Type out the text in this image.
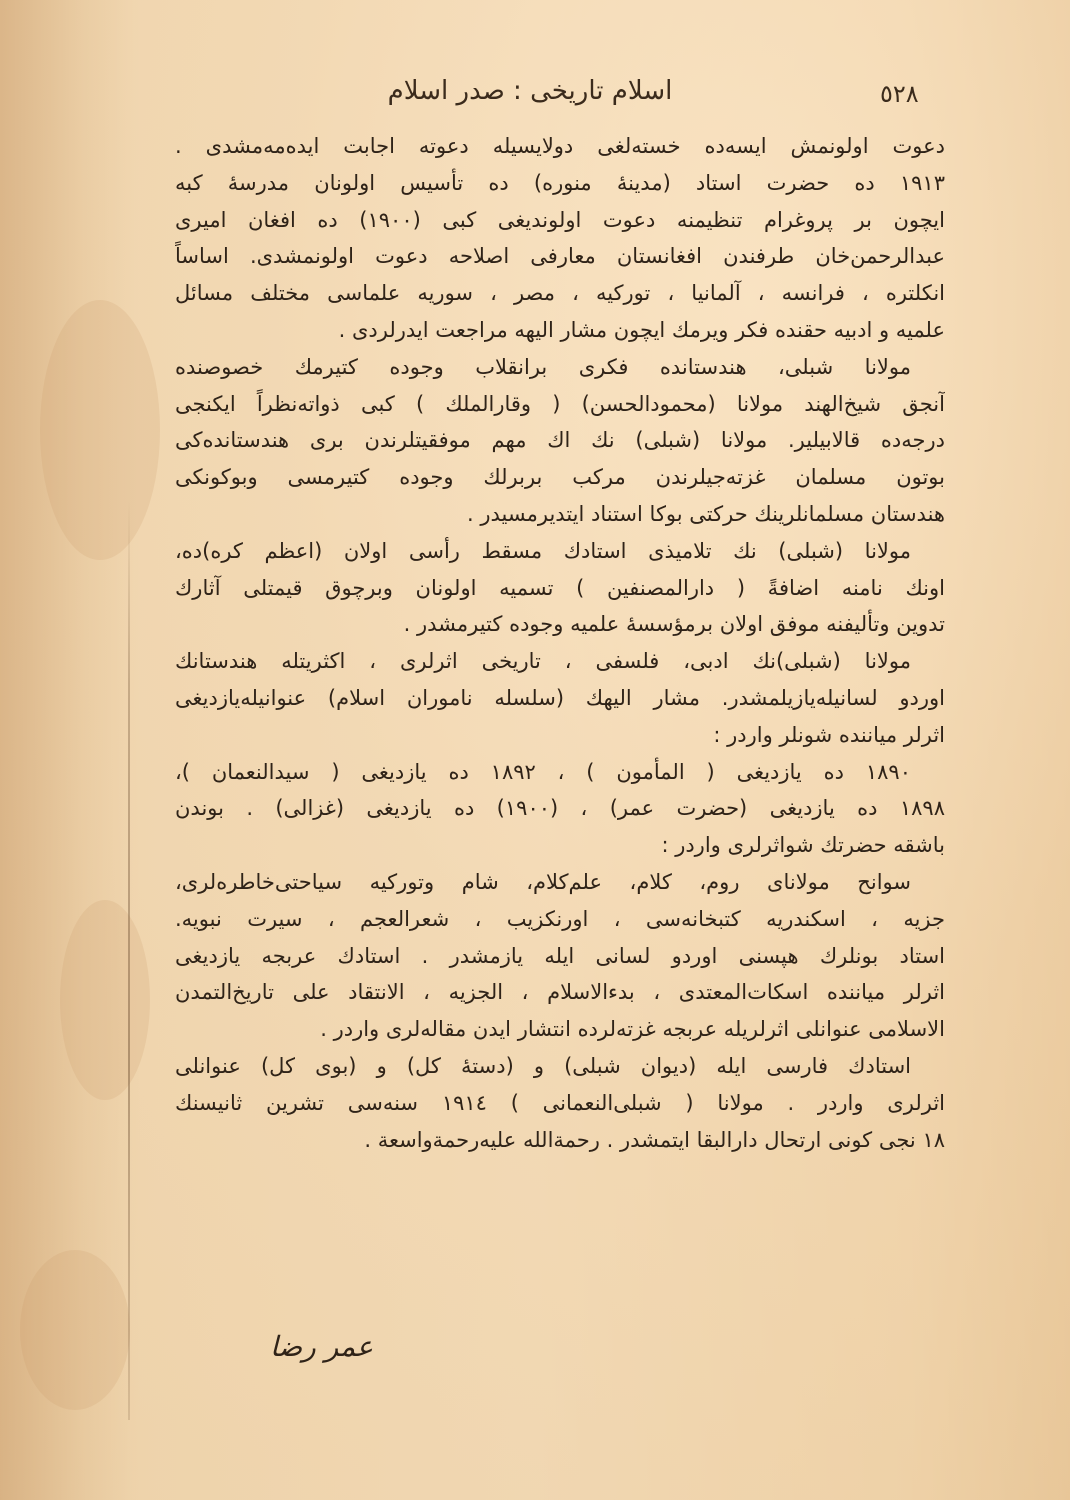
٥٢٨
اسلام تاریخی : صدر اسلام
دعوت اولونمش ایسه‌ده خسته‌لغی دولایسیله دعوته اجابت ایده‌مه‌مشدی .
١٩١٣ ده حضرت استاد (مدینهٔ منوره) ده تأسیس اولونان مدرسهٔ کبه
ایچون بر پروغرام تنظیمنه دعوت اولوندیغی کبی (١٩٠٠) ده افغان امیری
عبدالرحمن‌خان طرفندن افغانستان معارفی اصلاحه دعوت اولونمشدی. اساساً
انکلتره ، فرانسه ، آلمانیا ، تورکیه ، مصر ، سوریه علماسی مختلف مسائل
علمیه و ادبیه حقنده فکر ویرمك ایچون مشار الیهه مراجعت ایدرلردی .
مولانا شبلی، هندستانده فکری برانقلاب وجوده کتیرمك خصوصنده
آنجق شیخ‌الهند مولانا (محمودالحسن) ( وقارالملك ) کبی ذواته‌نظراً ایکنجی
درجه‌ده قالابیلیر. مولانا (شبلی) نك اك مهم موفقیتلرندن بری هندستانده‌کی
بوتون مسلمان غزته‌جیلرندن مرکب بربرلك وجوده کتیرمسی وبوکونکی
هندستان مسلمانلرینك حرکتی بوکا استناد ایتدیرمسیدر .
مولانا (شبلی) نك تلامیذی استادك مسقط رأسی اولان (اعظم کره)ده،
اونك نامنه اضافةً ( دارالمصنفین ) تسمیه اولونان وبرچوق قیمتلی آثارك
تدوین وتألیفنه موفق اولان برمؤسسهٔ علمیه وجوده کتیرمشدر .
مولانا (شبلی)نك ادبی، فلسفی ، تاریخی اثرلری ، اکثریتله هندستانك
اوردو لسانیله‌یازیلمشدر. مشار الیهك (سلسله ناموران اسلام) عنوانیله‌یازدیغی
اثرلر میاننده شونلر واردر :
١٨٩٠ ده یازدیغی ( المأمون ) ، ١٨٩٢ ده یازدیغی ( سیدالنعمان )،
١٨٩٨ ده یازدیغی (حضرت عمر) ، (١٩٠٠) ده یازدیغی (غزالی) . بوندن
باشقه حضرتك شواثرلری واردر :
سوانح مولانای روم، کلام، علم‌کلام، شام وتورکیه سیاحتی‌خاطره‌لری،
جزیه ، اسکندریه کتبخانه‌سی ، اورنکزیب ، شعرالعجم ، سیرت نبویه.
استاد بونلرك هپسنی اوردو لسانی ایله یازمشدر . استادك عربجه یازدیغی
اثرلر میاننده اسکات‌المعتدی ، بدءالاسلام ، الجزیه ، الانتقاد علی تاریخ‌التمدن
الاسلامی عنوانلی اثرلریله عربجه غزته‌لرده انتشار ایدن مقاله‌لری واردر .
استادك فارسی ایله (دیوان شبلی) و (دستهٔ کل) و (بوی کل) عنوانلی
اثرلری واردر . مولانا ( شبلی‌النعمانی ) ١٩١٤ سنه‌سی تشرین ثانیسنك
١٨ نجی کونی ارتحال دارالبقا ایتمشدر . رحمةالله علیه‌رحمةواسعة .
عمر رضا
